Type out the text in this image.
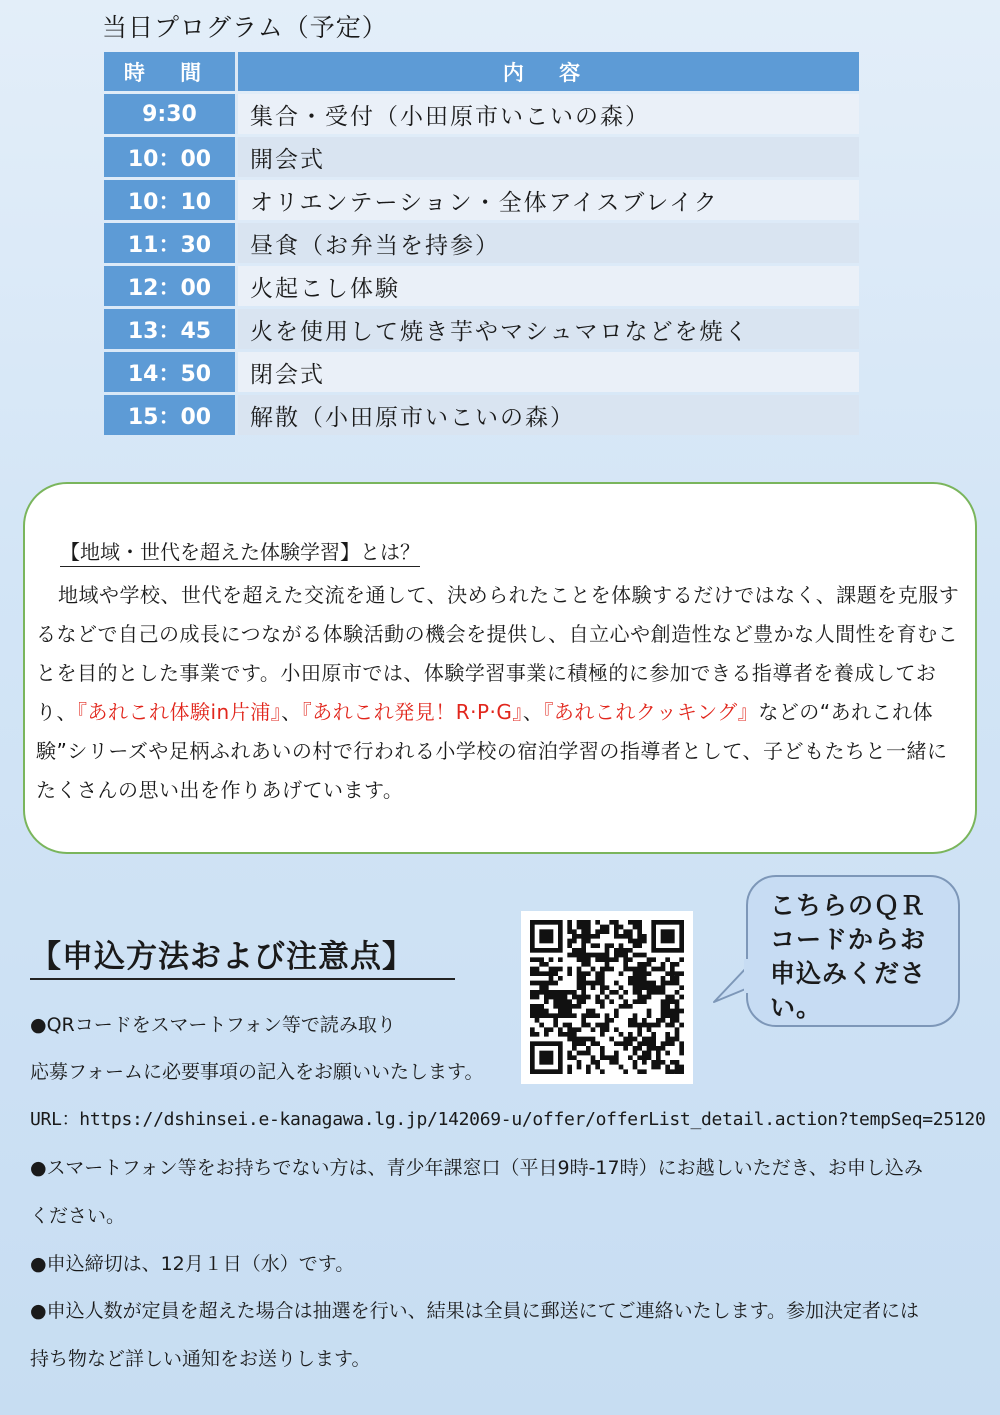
当日プログラム（予定）
時 間	内 容
9:30	集合・受付（小田原市いこいの森）
10：00	開会式
10：10	オリエンテーション・全体アイスブレイク
11：30	昼食（お弁当を持参）
12：00	火起こし体験
13：45	火を使用して焼き芋やマシュマロなどを焼く
14：50	閉会式
15：00	解散（小田原市いこいの森）

【地域・世代を超えた体験学習】とは？

地域や学校、世代を超えた交流を通して、決められたことを体験するだけではなく、課題を克服するなどで自己の成長につながる体験活動の機会を提供し、自立心や創造性など豊かな人間性を育むことを目的とした事業です。小田原市では、体験学習事業に積極的に参加できる指導者を養成しており、『あれこれ体験in片浦』、『あれこれ発見！R·P·G』、『あれこれクッキング』などの“あれこれ体験”シリーズや足柄ふれあいの村で行われる小学校の宿泊学習の指導者として、子どもたちと一緒にたくさんの思い出を作りあげています。

【申込方法および注意点】
こちらのＱＲ
コードからお
申込みくださ
い。

●QRコードをスマートフォン等で読み取り

応募フォームに必要事項の記入をお願いいたします。

URL：https://dshinsei.e-kanagawa.lg.jp/142069-u/offer/offerList_detail.action?tempSeq=25120

●スマートフォン等をお持ちでない方は、青少年課窓口（平日9時-17時）にお越しいただき、お申し込み

ください。

●申込締切は、12月１日（水）です。

●申込人数が定員を超えた場合は抽選を行い、結果は全員に郵送にてご連絡いたします。参加決定者には

持ち物など詳しい通知をお送りします。
